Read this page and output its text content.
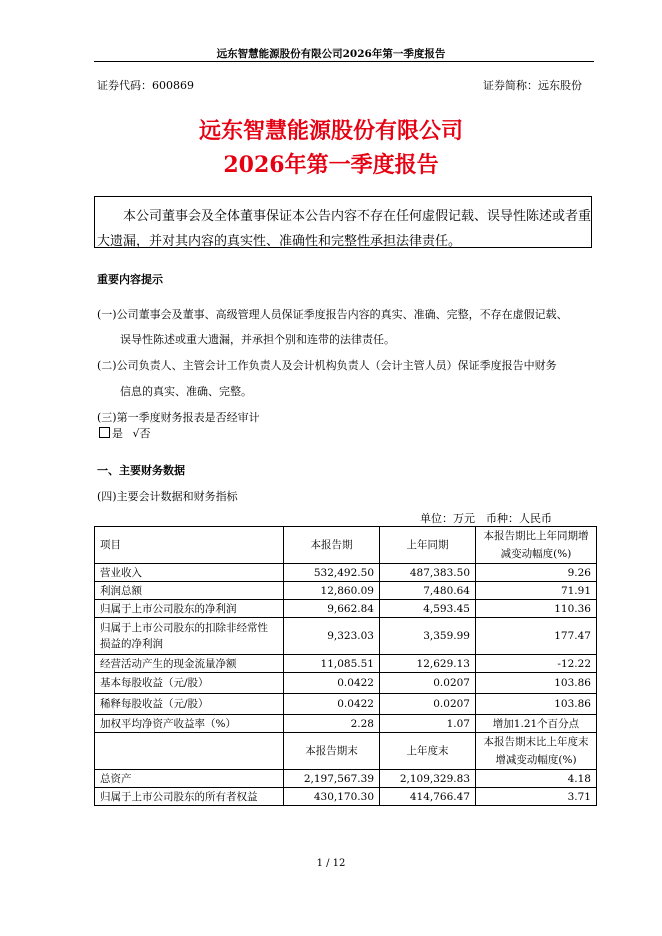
远东智慧能源股份有限公司2026年第一季度报告
证券代码：600869	证券简称：远东股份
远东智慧能源股份有限公司
2026年第一季度报告
本公司董事会及全体董事保证本公告内容不存在任何虚假记载、误导性陈述或者重大遗漏，并对其内容的真实性、准确性和完整性承担法律责任。
重要内容提示
(一)公司董事会及董事、高级管理人员保证季度报告内容的真实、准确、完整，不存在虚假记载、
误导性陈述或重大遗漏，并承担个别和连带的法律责任。
(二)公司负责人、主管会计工作负责人及会计机构负责人（会计主管人员）保证季度报告中财务
信息的真实、准确、完整。
(三)第一季度财务报表是否经审计
是 √否
一、主要财务数据
(四)主要会计数据和财务指标
单位：万元　币种：人民币
项目	本报告期	上年同期	本报告期比上年同期增减变动幅度(%)
营业收入	532,492.50	487,383.50	9.26
利润总额	12,860.09	7,480.64	71.91
归属于上市公司股东的净利润	9,662.84	4,593.45	110.36
归属于上市公司股东的扣除非经常性损益的净利润	9,323.03	3,359.99	177.47
经营活动产生的现金流量净额	11,085.51	12,629.13	-12.22
基本每股收益（元/股）	0.0422	0.0207	103.86
稀释每股收益（元/股）	0.0422	0.0207	103.86
加权平均净资产收益率（%）	2.28	1.07	增加1.21个百分点
	本报告期末	上年度末	本报告期末比上年度末增减变动幅度(%)
总资产	2,197,567.39	2,109,329.83	4.18
归属于上市公司股东的所有者权益	430,170.30	414,766.47	3.71
1 / 12
